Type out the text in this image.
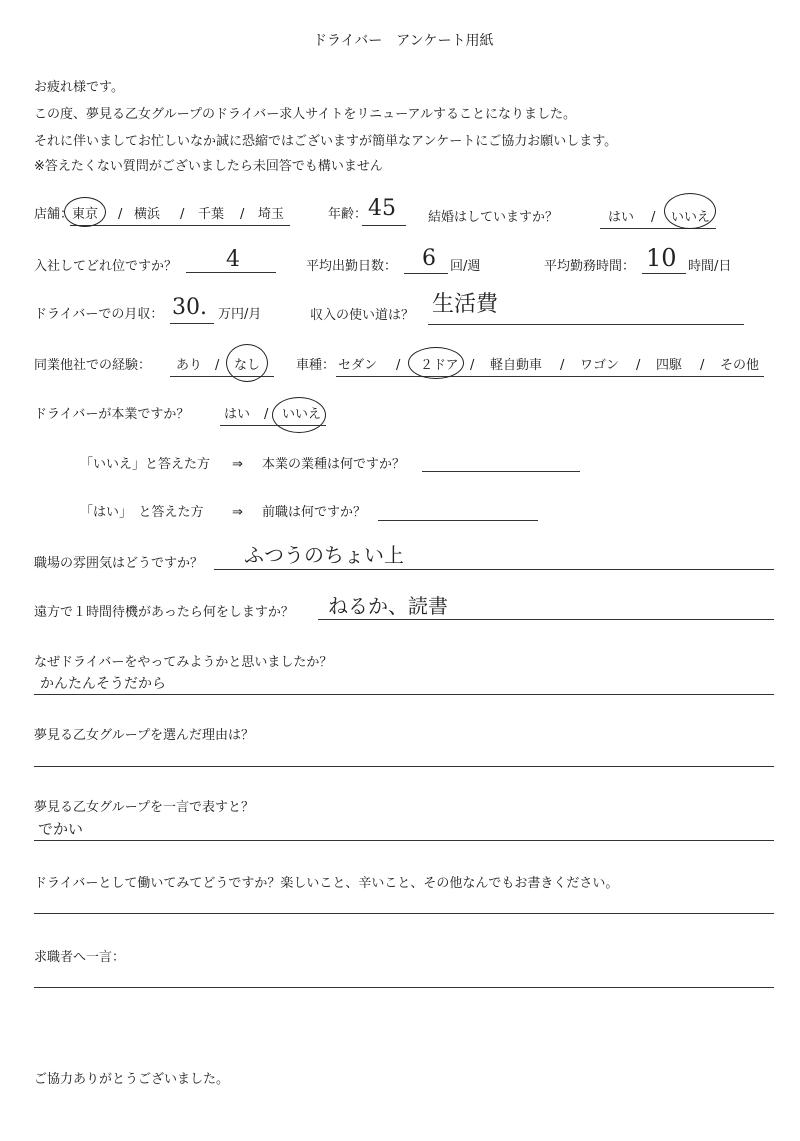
ドライバー　アンケート用紙
お疲れ様です。
この度、夢見る乙女グループのドライバー求人サイトをリニューアルすることになりました。
それに伴いましてお忙しいなか誠に恐縮ではございますが簡単なアンケートにご協力お願いします。
※答えたくない質問がございましたら未回答でも構いません
店舗：
東京 / 横浜 / 千葉 / 埼玉	年齢： 45 結婚はしていますか？	はい / いいえ
入社してどれ位ですか？ 4	平均出勤日数： 6 回/週	平均勤務時間： 10 時間/日
ドライバーでの月収： 30. 万円/月	収入の使い道は？ 生活費
同業他社での経験： あり / なし	車種： セダン / ２ドア / 軽自動車 / ワゴン / 四駆 / その他
ドライバーが本業ですか？	はい / いいえ
「いいえ」と答えた方 ⇒ 本業の業種は何ですか？
「はい」　と答えた方 ⇒ 前職は何ですか？
職場の雰囲気はどうですか？ ふつうのちょい上
遠方で１時間待機があったら何をしますか？ ねるか、読書
なぜドライバーをやってみようかと思いましたか？
かんたんそうだから
夢見る乙女グループを選んだ理由は？
夢見る乙女グループを一言で表すと？
でかい
ドライバーとして働いてみてどうですか？楽しいこと、辛いこと、その他なんでもお書きください。
求職者へ一言：
ご協力ありがとうございました。
